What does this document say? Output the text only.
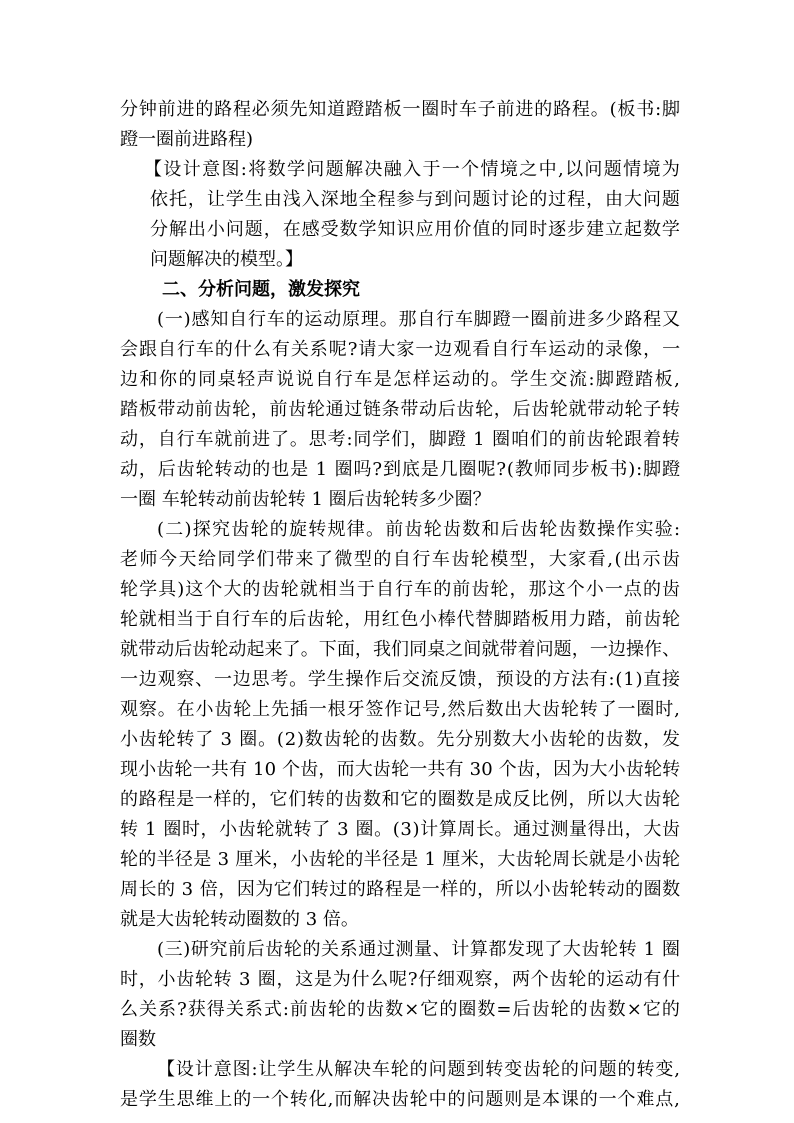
分钟前进的路程必须先知道蹬踏板一圈时车子前进的路程。(板书:脚
蹬一圈前进路程)
【设计意图:将数学问题解决融入于一个情境之中,以问题情境为
依托，让学生由浅入深地全程参与到问题讨论的过程，由大问题
分解出小问题，在感受数学知识应用价值的同时逐步建立起数学
问题解决的模型。】
二、分析问题，激发探究
(一)感知自行车的运动原理。那自行车脚蹬一圈前进多少路程又
会跟自行车的什么有关系呢?请大家一边观看自行车运动的录像，一
边和你的同桌轻声说说自行车是怎样运动的。学生交流:脚蹬踏板,
踏板带动前齿轮，前齿轮通过链条带动后齿轮，后齿轮就带动轮子转
动，自行车就前进了。思考:同学们，脚蹬 1 圈咱们的前齿轮跟着转
动，后齿轮转动的也是 1 圈吗?到底是几圈呢?(教师同步板书):脚蹬
一圈 车轮转动前齿轮转 1 圈后齿轮转多少圈？
(二)探究齿轮的旋转规律。前齿轮齿数和后齿轮齿数操作实验:
老师今天给同学们带来了微型的自行车齿轮模型，大家看,(出示齿
轮学具)这个大的齿轮就相当于自行车的前齿轮，那这个小一点的齿
轮就相当于自行车的后齿轮，用红色小棒代替脚踏板用力踏，前齿轮
就带动后齿轮动起来了。下面，我们同桌之间就带着问题，一边操作、
一边观察、一边思考。学生操作后交流反馈，预设的方法有:(1)直接
观察。在小齿轮上先插一根牙签作记号,然后数出大齿轮转了一圈时,
小齿轮转了 3 圈。(2)数齿轮的齿数。先分别数大小齿轮的齿数，发
现小齿轮一共有 10 个齿，而大齿轮一共有 30 个齿，因为大小齿轮转
的路程是一样的，它们转的齿数和它的圈数是成反比例，所以大齿轮
转 1 圈时，小齿轮就转了 3 圈。(3)计算周长。通过测量得出，大齿
轮的半径是 3 厘米，小齿轮的半径是 1 厘米，大齿轮周长就是小齿轮
周长的 3 倍，因为它们转过的路程是一样的，所以小齿轮转动的圈数
就是大齿轮转动圈数的 3 倍。
(三)研究前后齿轮的关系通过测量、计算都发现了大齿轮转 1 圈
时，小齿轮转 3 圈，这是为什么呢?仔细观察，两个齿轮的运动有什
么关系?获得关系式:前齿轮的齿数×它的圈数=后齿轮的齿数×它的
圈数
【设计意图:让学生从解决车轮的问题到转变齿轮的问题的转变,
是学生思维上的一个转化,而解决齿轮中的问题则是本课的一个难点,
